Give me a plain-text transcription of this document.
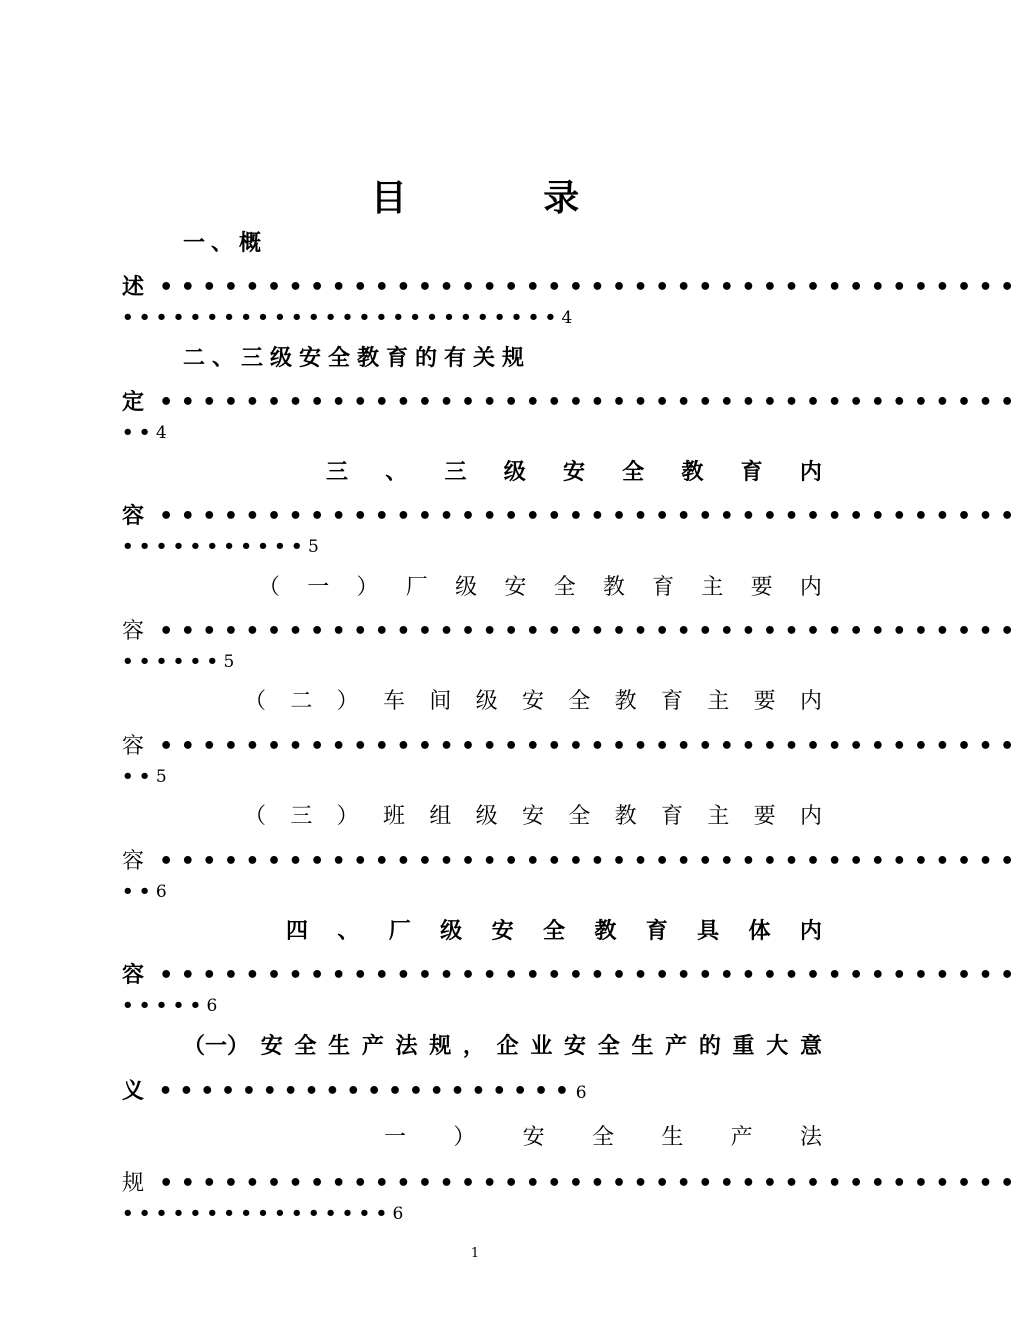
目 录
一、概
述 ••••••••••••••••••••••••••••••••••••••••
••••••••••••••••••••••••••4
二、三级安全教育的有关规
定 ••••••••••••••••••••••••••••••••••••••••
••4
三 、 三 级 安 全 教 育 内
容 ••••••••••••••••••••••••••••••••••••••••
•••••••••••5
（ 一 ） 厂 级 安 全 教 育 主 要 内
容 ••••••••••••••••••••••••••••••••••••••••
••••••5
（ 二 ） 车 间 级 安 全 教 育 主 要 内
容 ••••••••••••••••••••••••••••••••••••••••
••5
（ 三 ） 班 组 级 安 全 教 育 主 要 内
容 ••••••••••••••••••••••••••••••••••••••••
••6
四 、 厂 级 安 全 教 育 具 体 内
容 ••••••••••••••••••••••••••••••••••••••••
•••••6
（一） 安 全 生 产 法 规 ， 企 业 安 全 生 产 的 重 大 意
义 ••••••••••••••••••••6
一 ） 安 全 生 产 法
规 ••••••••••••••••••••••••••••••••••••••••
••••••••••••••••6
1
